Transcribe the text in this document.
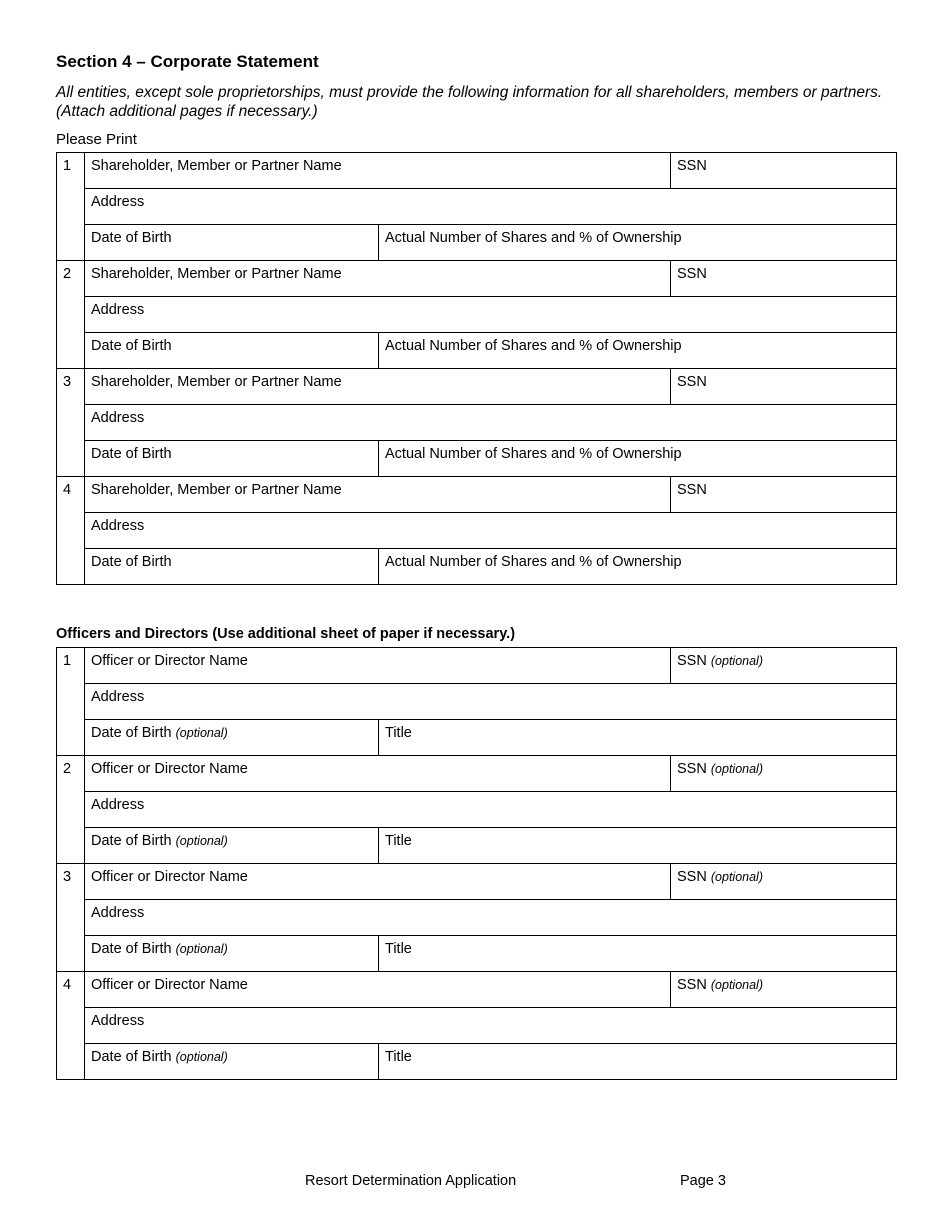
Section 4 – Corporate Statement

All entities, except sole proprietorships, must provide the following information for all shareholders, members or partners. (Attach additional pages if necessary.)

Please Print

1	Shareholder, Member or Partner Name		SSN
	Address		
	Date of Birth	Actual Number of Shares and % of Ownership	
2	Shareholder, Member or Partner Name		SSN
	Address		
	Date of Birth	Actual Number of Shares and % of Ownership	
3	Shareholder, Member or Partner Name		SSN
	Address		
	Date of Birth	Actual Number of Shares and % of Ownership	
4	Shareholder, Member or Partner Name		SSN
	Address		
	Date of Birth	Actual Number of Shares and % of Ownership	

Officers and Directors (Use additional sheet of paper if necessary.)

1	Officer or Director Name		SSN (optional)
	Address		
	Date of Birth (optional)	Title	
2	Officer or Director Name		SSN (optional)
	Address		
	Date of Birth (optional)	Title	
3	Officer or Director Name		SSN (optional)
	Address		
	Date of Birth (optional)	Title	
4	Officer or Director Name		SSN (optional)
	Address		
	Date of Birth (optional)	Title	

Resort Determination Application	Page 3
